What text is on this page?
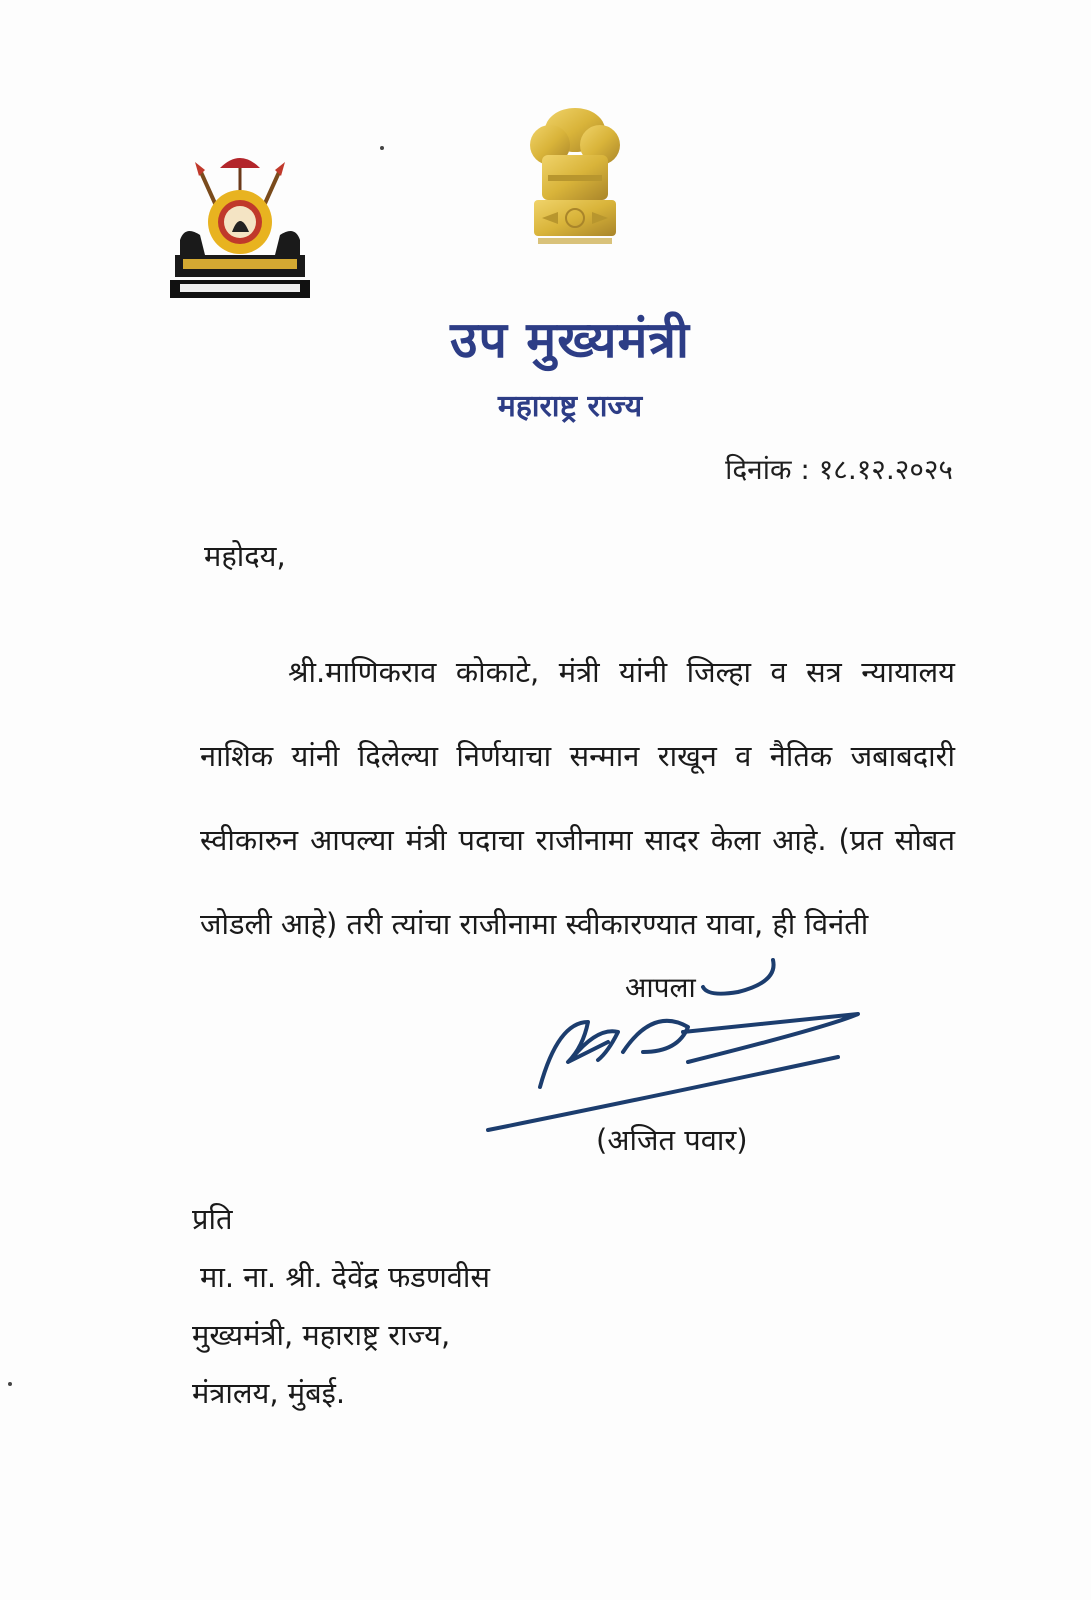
उप मुख्यमंत्री
महाराष्ट्र राज्य
दिनांक : १८.१२.२०२५
महोदय,
श्री.माणिकराव कोकाटे, मंत्री यांनी जिल्हा व सत्र न्यायालय नाशिक यांनी दिलेल्या निर्णयाचा सन्मान राखून व नैतिक जबाबदारी स्वीकारुन आपल्या मंत्री पदाचा राजीनामा सादर केला आहे. (प्रत सोबत जोडली आहे) तरी त्यांचा राजीनामा स्वीकारण्यात यावा, ही विनंती
आपला
(अजित पवार)
प्रति
मा. ना. श्री. देवेंद्र फडणवीस
मुख्यमंत्री, महाराष्ट्र राज्य,
मंत्रालय, मुंबई.
